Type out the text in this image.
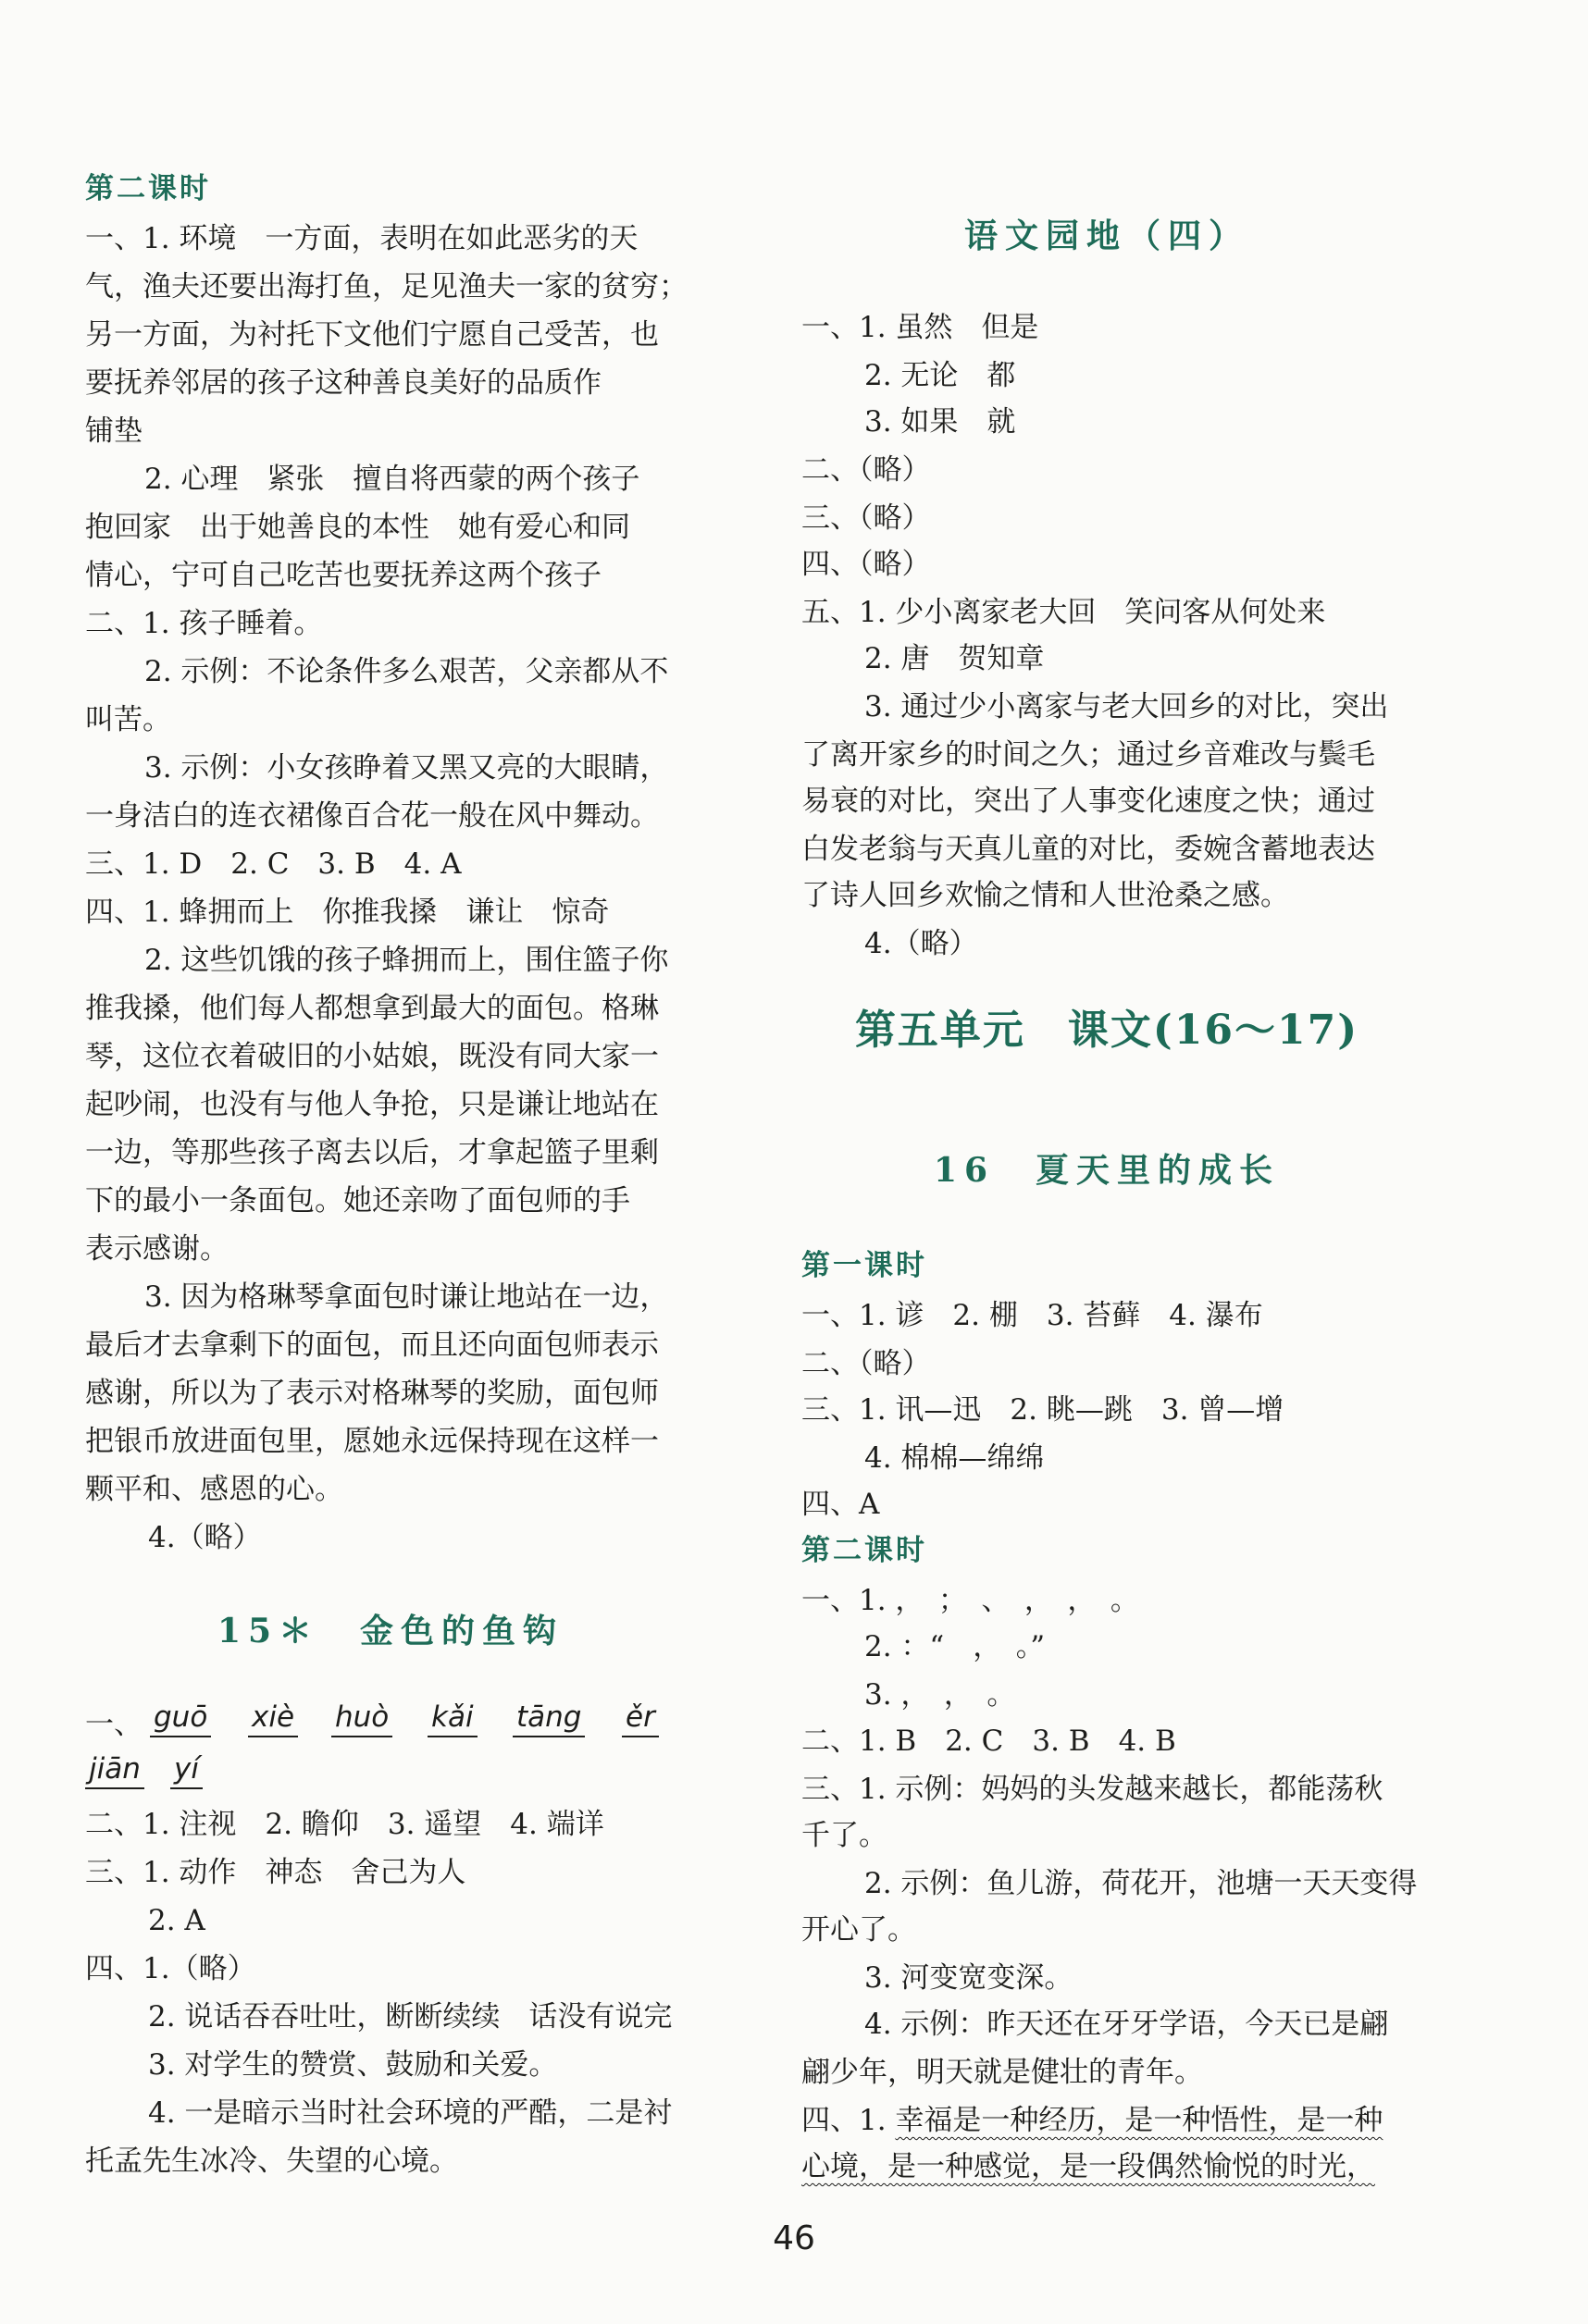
第二课时
一、1. 环境　一方面，表明在如此恶劣的天
气，渔夫还要出海打鱼，足见渔夫一家的贫穷；
另一方面，为衬托下文他们宁愿自己受苦，也
要抚养邻居的孩子这种善良美好的品质作
铺垫
2. 心理　紧张　擅自将西蒙的两个孩子
抱回家　出于她善良的本性　她有爱心和同
情心，宁可自己吃苦也要抚养这两个孩子
二、1. 孩子睡着。
2. 示例：不论条件多么艰苦，父亲都从不
叫苦。
3. 示例：小女孩睁着又黑又亮的大眼睛，
一身洁白的连衣裙像百合花一般在风中舞动。
三、1. D　2. C　3. B　4. A
四、1. 蜂拥而上　你推我搡　谦让　惊奇
2. 这些饥饿的孩子蜂拥而上，围住篮子你
推我搡，他们每人都想拿到最大的面包。格琳
琴，这位衣着破旧的小姑娘，既没有同大家一
起吵闹，也没有与他人争抢，只是谦让地站在
一边，等那些孩子离去以后，才拿起篮子里剩
下的最小一条面包。她还亲吻了面包师的手
表示感谢。
3. 因为格琳琴拿面包时谦让地站在一边，
最后才去拿剩下的面包，而且还向面包师表示
感谢，所以为了表示对格琳琴的奖励，面包师
把银币放进面包里，愿她永远保持现在这样一
颗平和、感恩的心。
4.（略）
15＊　金色的鱼钩
一、 guō xiè huò kǎi tāng ěr
jiān yí
二、1. 注视　2. 瞻仰　3. 遥望　4. 端详
三、1. 动作　神态　舍己为人
2. A
四、1.（略）
2. 说话吞吞吐吐，断断续续　话没有说完
3. 对学生的赞赏、鼓励和关爱。
4. 一是暗示当时社会环境的严酷，二是衬
托孟先生冰冷、失望的心境。
语文园地（四）
一、1. 虽然　但是
2. 无论　都
3. 如果　就
二、（略）
三、（略）
四、（略）
五、1. 少小离家老大回　笑问客从何处来
2. 唐　贺知章
3. 通过少小离家与老大回乡的对比，突出
了离开家乡的时间之久；通过乡音难改与鬓毛
易衰的对比，突出了人事变化速度之快；通过
白发老翁与天真儿童的对比，委婉含蓄地表达
了诗人回乡欢愉之情和人世沧桑之感。
4.（略）
第五单元　课文(16～17)
16　夏天里的成长
第一课时
一、1. 谚　2. 棚　3. 苔藓　4. 瀑布
二、（略）
三、1. 讯—迅　2. 眺—跳　3. 曾—增
4. 棉棉—绵绵
四、A
第二课时
一、1. ，　；　、　，　，　。
2. ：“　，　。”
3. ，　，　。
二、1. B　2. C　3. B　4. B
三、1. 示例：妈妈的头发越来越长，都能荡秋
千了。
2. 示例：鱼儿游，荷花开，池塘一天天变得
开心了。
3. 河变宽变深。
4. 示例：昨天还在牙牙学语，今天已是翩
翩少年，明天就是健壮的青年。
四、1. 幸福是一种经历，是一种悟性，是一种
心境，是一种感觉，是一段偶然愉悦的时光，
46
